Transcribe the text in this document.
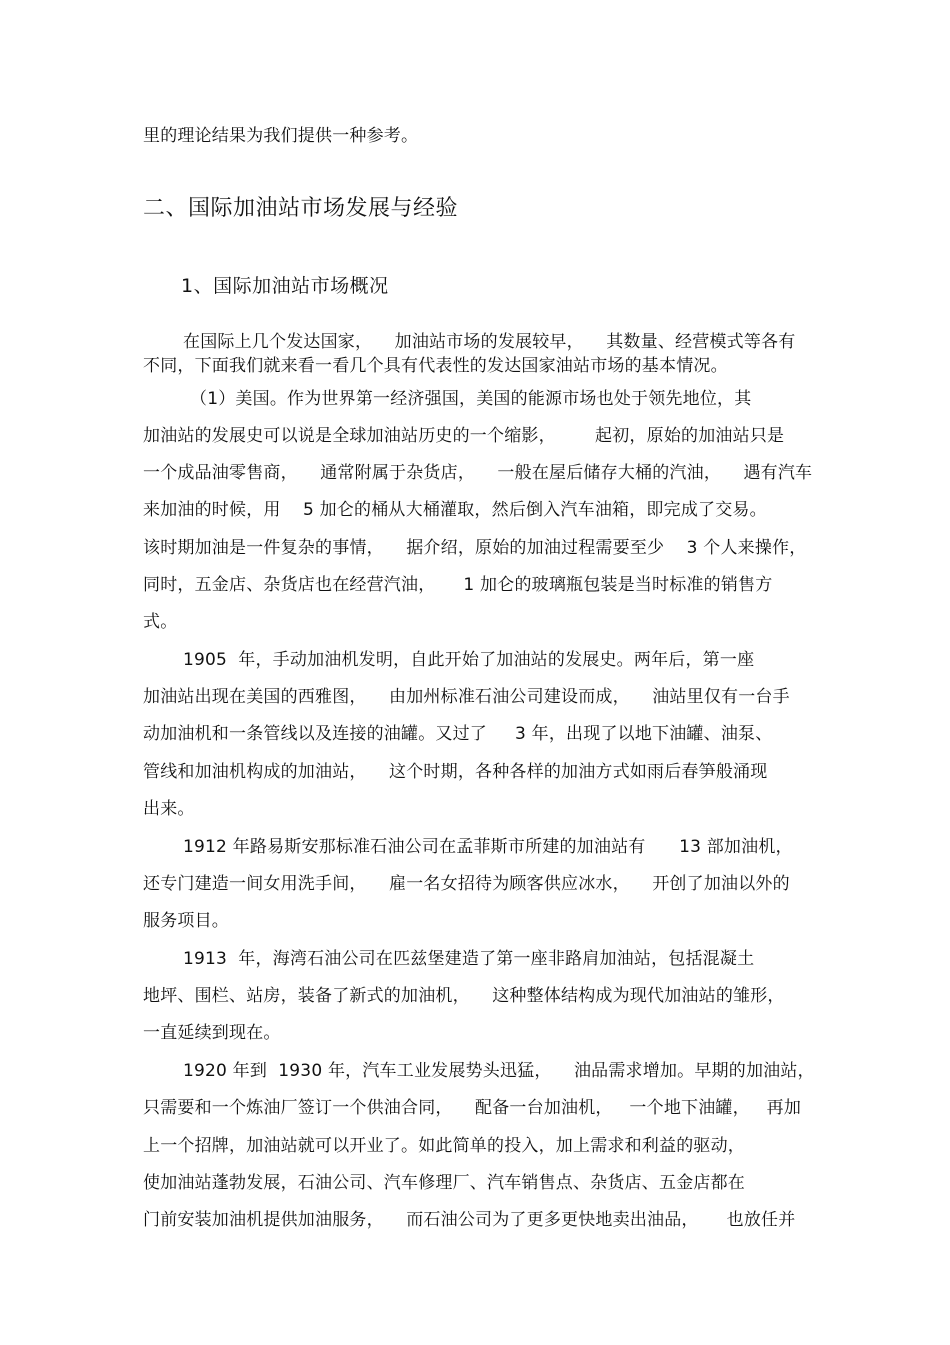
里的理论结果为我们提供一种参考。
二、国际加油站市场发展与经验
1、国际加油站市场概况
在国际上几个发达国家，    加油站市场的发展较早，    其数量、经营模式等各有
不同，下面我们就来看一看几个具有代表性的发达国家油站市场的基本情况。
（1）美国。作为世界第一经济强国，美国的能源市场也处于领先地位，其
加油站的发展史可以说是全球加油站历史的一个缩影，       起初，原始的加油站只是
一个成品油零售商，    通常附属于杂货店，    一般在屋后储存大桶的汽油，    遇有汽车
来加油的时候，用    5 加仑的桶从大桶灌取，然后倒入汽车油箱，即完成了交易。
该时期加油是一件复杂的事情，    据介绍，原始的加油过程需要至少    3 个人来操作，
同时，五金店、杂货店也在经营汽油，     1 加仑的玻璃瓶包装是当时标准的销售方
式。
1905  年，手动加油机发明，自此开始了加油站的发展史。两年后，第一座
加油站出现在美国的西雅图，    由加州标准石油公司建设而成，    油站里仅有一台手
动加油机和一条管线以及连接的油罐。又过了     3 年，出现了以地下油罐、油泵、
管线和加油机构成的加油站，    这个时期，各种各样的加油方式如雨后春笋般涌现
出来。
1912 年路易斯安那标准石油公司在孟菲斯市所建的加油站有      13 部加油机，
还专门建造一间女用洗手间，    雇一名女招待为顾客供应冰水，    开创了加油以外的
服务项目。
1913  年，海湾石油公司在匹兹堡建造了第一座非路肩加油站，包括混凝土
地坪、围栏、站房，装备了新式的加油机，    这种整体结构成为现代加油站的雏形，
一直延续到现在。
1920 年到  1930 年，汽车工业发展势头迅猛，    油品需求增加。早期的加油站，
只需要和一个炼油厂签订一个供油合同，    配备一台加油机，   一个地下油罐，   再加
上一个招牌，加油站就可以开业了。如此简单的投入，加上需求和利益的驱动，
使加油站蓬勃发展，石油公司、汽车修理厂、汽车销售点、杂货店、五金店都在
门前安装加油机提供加油服务，    而石油公司为了更多更快地卖出油品，     也放任并
